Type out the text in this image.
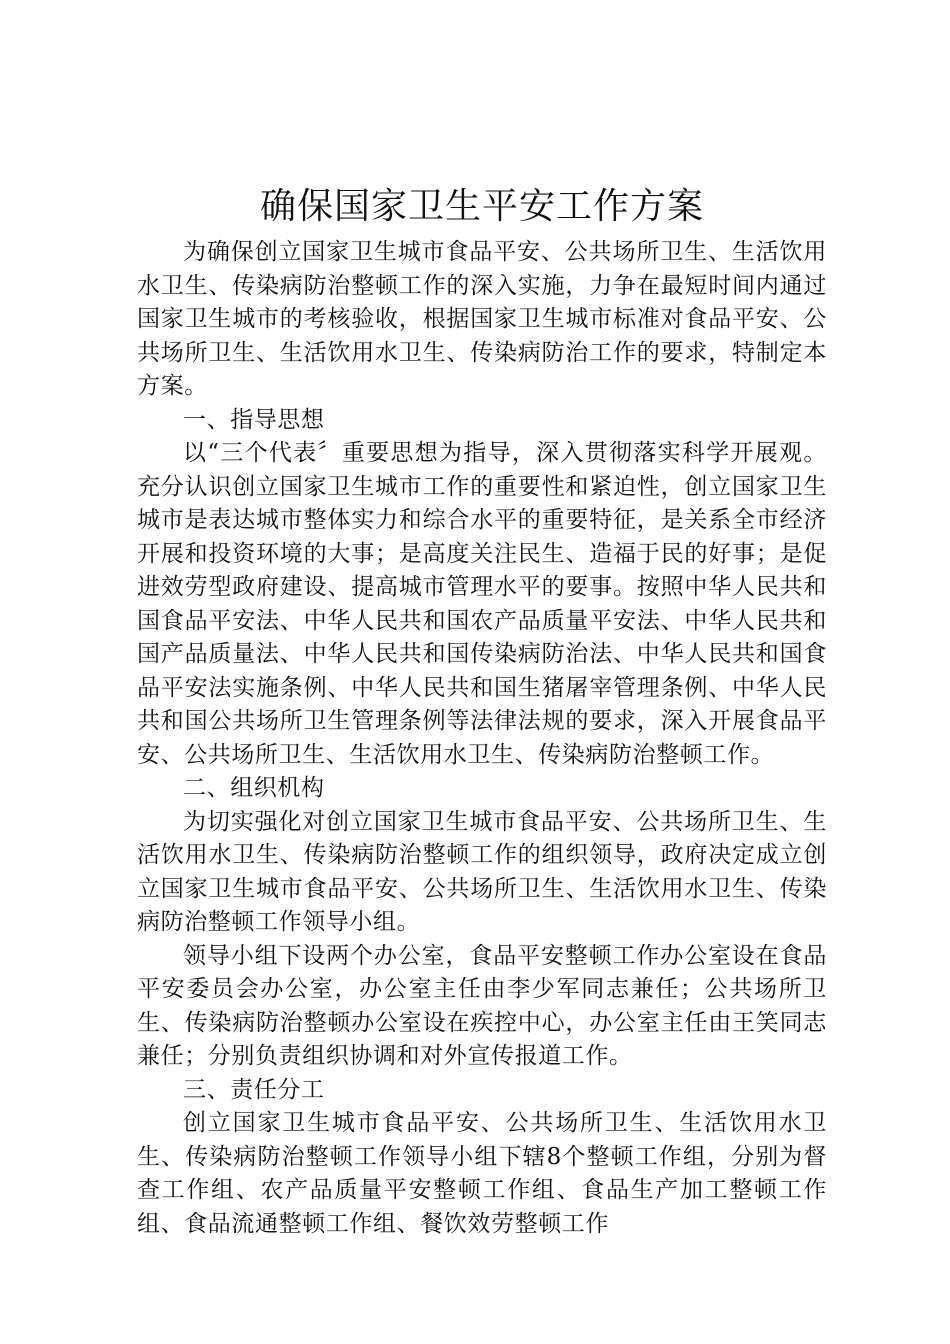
确保国家卫生平安工作方案

为确保创立国家卫生城市食品平安、公共场所卫生、生活饮用水卫生、传染病防治整顿工作的深入实施，力争在最短时间内通过国家卫生城市的考核验收，根据国家卫生城市标准对食品平安、公共场所卫生、生活饮用水卫生、传染病防治工作的要求，特制定本方案。

一、指导思想

以“三个代表〞重要思想为指导，深入贯彻落实科学开展观。充分认识创立国家卫生城市工作的重要性和紧迫性，创立国家卫生城市是表达城市整体实力和综合水平的重要特征，是关系全市经济开展和投资环境的大事；是高度关注民生、造福于民的好事；是促进效劳型政府建设、提高城市管理水平的要事。按照中华人民共和国食品平安法、中华人民共和国农产品质量平安法、中华人民共和国产品质量法、中华人民共和国传染病防治法、中华人民共和国食品平安法实施条例、中华人民共和国生猪屠宰管理条例、中华人民共和国公共场所卫生管理条例等法律法规的要求，深入开展食品平安、公共场所卫生、生活饮用水卫生、传染病防治整顿工作。

二、组织机构

为切实强化对创立国家卫生城市食品平安、公共场所卫生、生活饮用水卫生、传染病防治整顿工作的组织领导，政府决定成立创立国家卫生城市食品平安、公共场所卫生、生活饮用水卫生、传染病防治整顿工作领导小组。

领导小组下设两个办公室，食品平安整顿工作办公室设在食品平安委员会办公室，办公室主任由李少军同志兼任；公共场所卫生、传染病防治整顿办公室设在疾控中心，办公室主任由王笑同志兼任；分别负责组织协调和对外宣传报道工作。

三、责任分工

创立国家卫生城市食品平安、公共场所卫生、生活饮用水卫生、传染病防治整顿工作领导小组下辖8个整顿工作组，分别为督查工作组、农产品质量平安整顿工作组、食品生产加工整顿工作组、食品流通整顿工作组、餐饮效劳整顿工作
